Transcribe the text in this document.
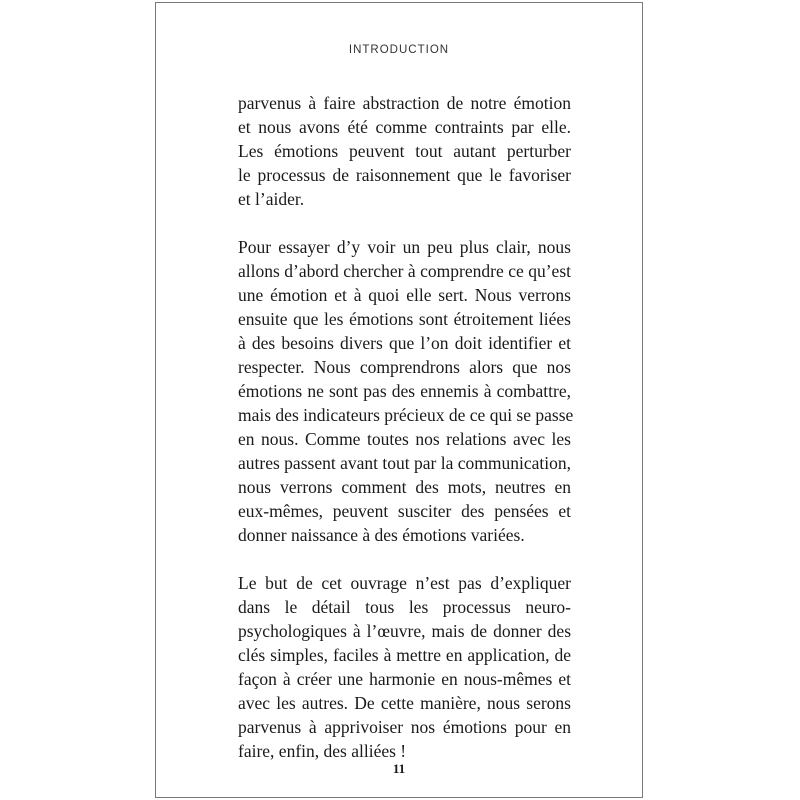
INTRODUCTION
parvenus à faire abstraction de notre émotion
et nous avons été comme contraints par elle.
Les émotions peuvent tout autant perturber
le processus de raisonnement que le favoriser
et l’aider.
Pour essayer d’y voir un peu plus clair, nous
allons d’abord chercher à comprendre ce qu’est
une émotion et à quoi elle sert. Nous verrons
ensuite que les émotions sont étroitement liées
à des besoins divers que l’on doit identifier et
respecter. Nous comprendrons alors que nos
émotions ne sont pas des ennemis à combattre,
mais des indicateurs précieux de ce qui se passe
en nous. Comme toutes nos relations avec les
autres passent avant tout par la communication,
nous verrons comment des mots, neutres en
eux-mêmes, peuvent susciter des pensées et
donner naissance à des émotions variées.
Le but de cet ouvrage n’est pas d’expliquer
dans le détail tous les processus neuro-
psychologiques à l’œuvre, mais de donner des
clés simples, faciles à mettre en application, de
façon à créer une harmonie en nous-mêmes et
avec les autres. De cette manière, nous serons
parvenus à apprivoiser nos émotions pour en
faire, enfin, des alliées !
11
